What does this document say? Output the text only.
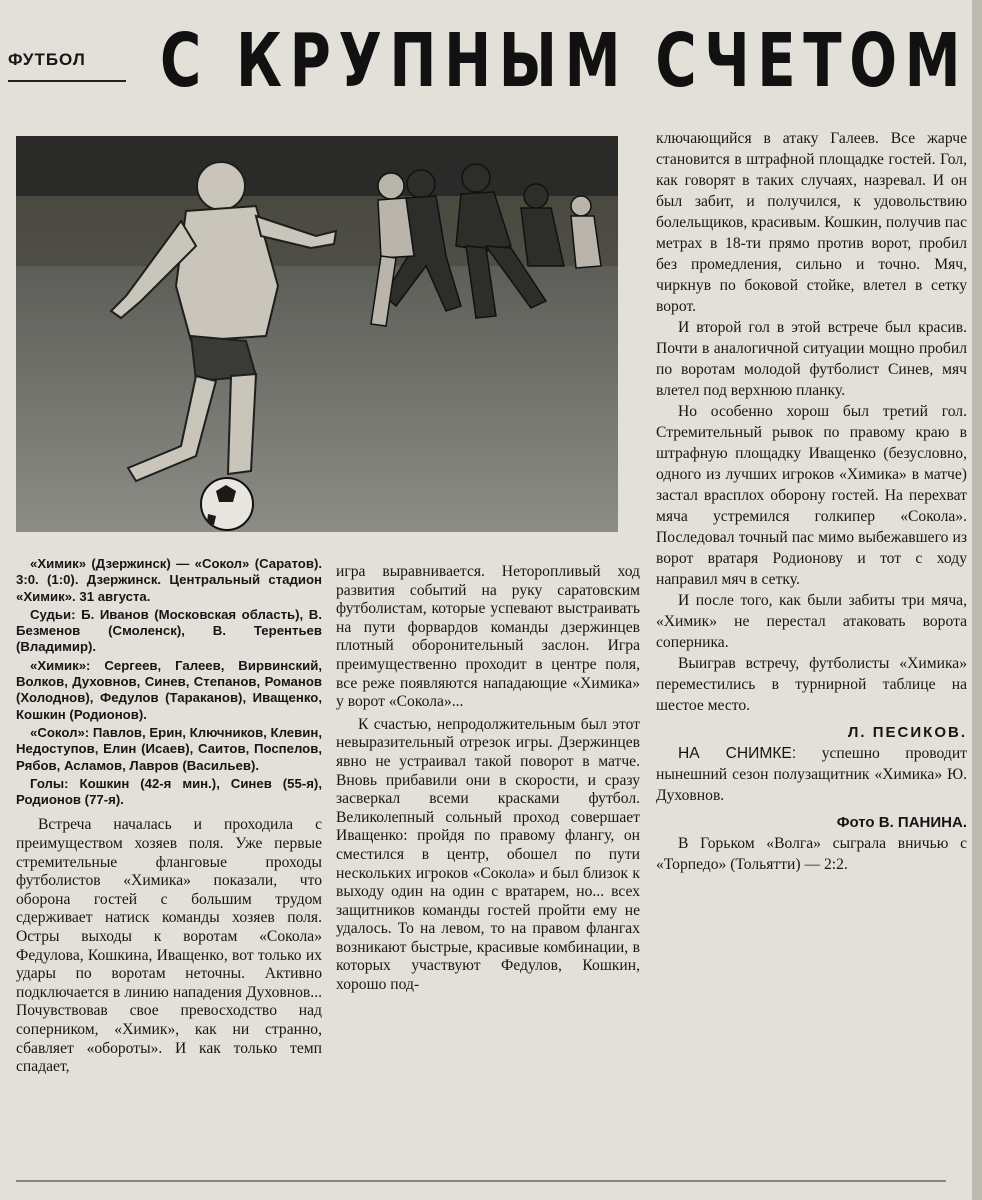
ФУТБОЛ	С КРУПНЫМ СЧЕТОМ

«Химик» (Дзержинск) — «Сокол» (Саратов). 3:0. (1:0). Дзержинск. Центральный стадион «Химик». 31 августа.

Судьи: Б. Иванов (Московская область), В. Безменов (Смоленск), В. Терентьев (Владимир).

«Химик»: Сергеев, Галеев, Вирвинский, Волков, Духовнов, Синев, Степанов, Романов (Холоднов), Федулов (Тараканов), Иващенко, Кошкин (Родионов).

«Сокол»: Павлов, Ерин, Ключников, Клевин, Недоступов, Елин (Исаев), Саитов, Поспелов, Рябов, Асламов, Лавров (Васильев).

Голы: Кошкин (42-я мин.), Синев (55-я), Родионов (77-я).

Встреча началась и проходила с преимуществом хозяев поля. Уже первые стремительные фланговые проходы футболистов «Химика» показали, что оборона гостей с большим трудом сдерживает натиск команды хозяев поля. Остры выходы к воротам «Сокола» Федулова, Кошкина, Иващенко, вот только их удары по воротам неточны. Активно подключается в линию нападения Духовнов... Почувствовав свое превосходство над соперником, «Химик», как ни странно, сбавляет «обороты». И как только темп спадает,

игра выравнивается. Неторопливый ход развития событий на руку саратовским футболистам, которые успевают выстраивать на пути форвардов команды дзержинцев плотный оборонительный заслон. Игра преимущественно проходит в центре поля, все реже появляются нападающие «Химика» у ворот «Сокола»...

К счастью, непродолжительным был этот невыразительный отрезок игры. Дзержинцев явно не устраивал такой поворот в матче. Вновь прибавили они в скорости, и сразу засверкал всеми красками футбол. Великолепный сольный проход совершает Иващенко: пройдя по правому флангу, он сместился в центр, обошел по пути нескольких игроков «Сокола» и был близок к выходу один на один с вратарем, но... всех защитников команды гостей пройти ему не удалось. То на левом, то на правом флангах возникают быстрые, красивые комбинации, в которых участвуют Федулов, Кошкин, хорошо под-

ключающийся в атаку Галеев. Все жарче становится в штрафной площадке гостей. Гол, как говорят в таких случаях, назревал. И он был забит, и получился, к удовольствию болельщиков, красивым. Кошкин, получив пас метрах в 18-ти прямо против ворот, пробил без промедления, сильно и точно. Мяч, чиркнув по боковой стойке, влетел в сетку ворот.

И второй гол в этой встрече был красив. Почти в аналогичной ситуации мощно пробил по воротам молодой футболист Синев, мяч влетел под верхнюю планку.

Но особенно хорош был третий гол. Стремительный рывок по правому краю в штрафную площадку Иващенко (безусловно, одного из лучших игроков «Химика» в матче) застал врасплох оборону гостей. На перехват мяча устремился голкипер «Сокола». Последовал точный пас мимо выбежавшего из ворот вратаря Родионову и тот с ходу направил мяч в сетку.

И после того, как были забиты три мяча, «Химик» не перестал атаковать ворота соперника.

Выиграв встречу, футболисты «Химика» переместились в турнирной таблице на шестое место.

Л. ПЕСИКОВ.

НА СНИМКЕ: успешно проводит нынешний сезон полузащитник «Химика» Ю. Духовнов.

Фото В. ПАНИНА.

В Горьком «Волга» сыграла вничью с «Торпедо» (Тольятти) — 2:2.
